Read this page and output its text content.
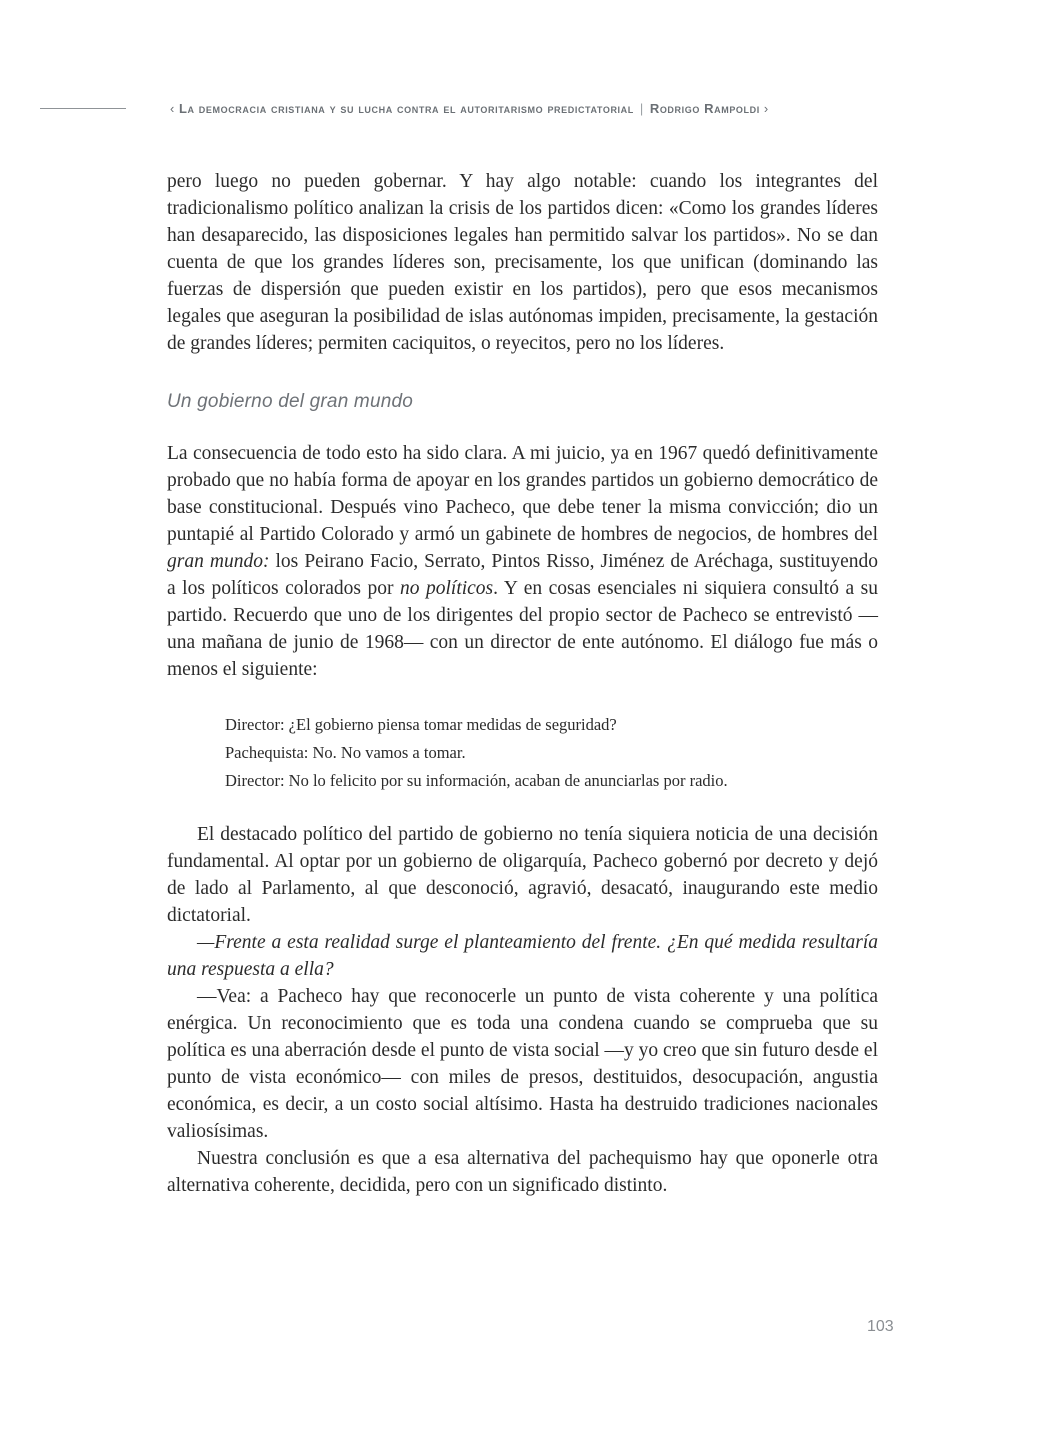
‹ La democracia cristiana y su lucha contra el autoritarismo predictatorial | Rodrigo Rampoldi ›

pero luego no pueden gobernar. Y hay algo notable: cuando los integrantes del tradicionalismo político analizan la crisis de los partidos dicen: «Como los grandes líderes han desaparecido, las disposiciones legales han permitido salvar los partidos». No se dan cuenta de que los grandes líderes son, precisamente, los que unifican (dominando las fuerzas de dispersión que pueden existir en los partidos), pero que esos mecanismos legales que aseguran la posibilidad de islas autónomas impiden, precisamente, la gestación de grandes líderes; permiten caciquitos, o reyecitos, pero no los líderes.

Un gobierno del gran mundo

La consecuencia de todo esto ha sido clara. A mi juicio, ya en 1967 quedó definitivamente probado que no había forma de apoyar en los grandes partidos un gobierno democrático de base constitucional. Después vino Pacheco, que debe tener la misma convicción; dio un puntapié al Partido Colorado y armó un gabinete de hombres de negocios, de hombres del gran mundo: los Peirano Facio, Serrato, Pintos Risso, Jiménez de Aréchaga, sustituyendo a los políticos colorados por no políticos. Y en cosas esenciales ni siquiera consultó a su partido. Recuerdo que uno de los dirigentes del propio sector de Pacheco se entrevistó —una mañana de junio de 1968— con un director de ente autónomo. El diálogo fue más o menos el siguiente:

Director: ¿El gobierno piensa tomar medidas de seguridad?

Pachequista: No. No vamos a tomar.

Director: No lo felicito por su información, acaban de anunciarlas por radio.

El destacado político del partido de gobierno no tenía siquiera noticia de una decisión fundamental. Al optar por un gobierno de oligarquía, Pacheco gobernó por decreto y dejó de lado al Parlamento, al que desconoció, agravió, desacató, inaugurando este medio dictatorial.

—Frente a esta realidad surge el planteamiento del frente. ¿En qué medida resultaría una respuesta a ella?

—Vea: a Pacheco hay que reconocerle un punto de vista coherente y una política enérgica. Un reconocimiento que es toda una condena cuando se comprueba que su política es una aberración desde el punto de vista social —y yo creo que sin futuro desde el punto de vista económico— con miles de presos, destituidos, desocupación, angustia económica, es decir, a un costo social altísimo. Hasta ha destruido tradiciones nacionales valiosísimas.

Nuestra conclusión es que a esa alternativa del pachequismo hay que oponerle otra alternativa coherente, decidida, pero con un significado distinto.

103
